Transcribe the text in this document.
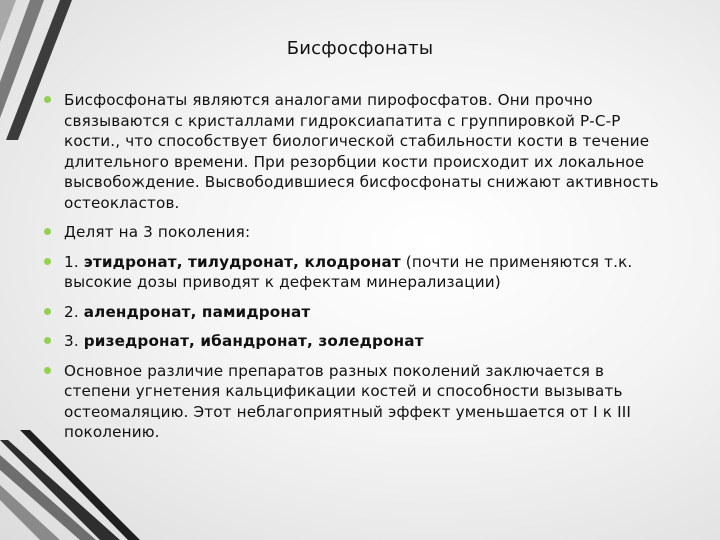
Бисфосфонаты
Бисфосфонаты являются аналогами пирофосфатов. Они прочно связываются с кристаллами гидроксиапатита с группировкой Р-С-Р кости., что способствует биологической стабильности кости в течение длительного времени. При резорбции кости происходит их локальное высвобождение. Высвободившиеся бисфосфонаты снижают активность остеокластов.
Делят на 3 поколения:
1. этидронат, тилудронат, клодронат (почти не применяются т.к. высокие дозы приводят к дефектам минерализации)
2. алендронат, памидронат
3. ризедронат, ибандронат, золедронат
Основное различие препаратов разных поколений заключается в степени угнетения кальцификации костей и способности вызывать остеомаляцию. Этот неблагоприятный эффект уменьшается от I к III поколению.
